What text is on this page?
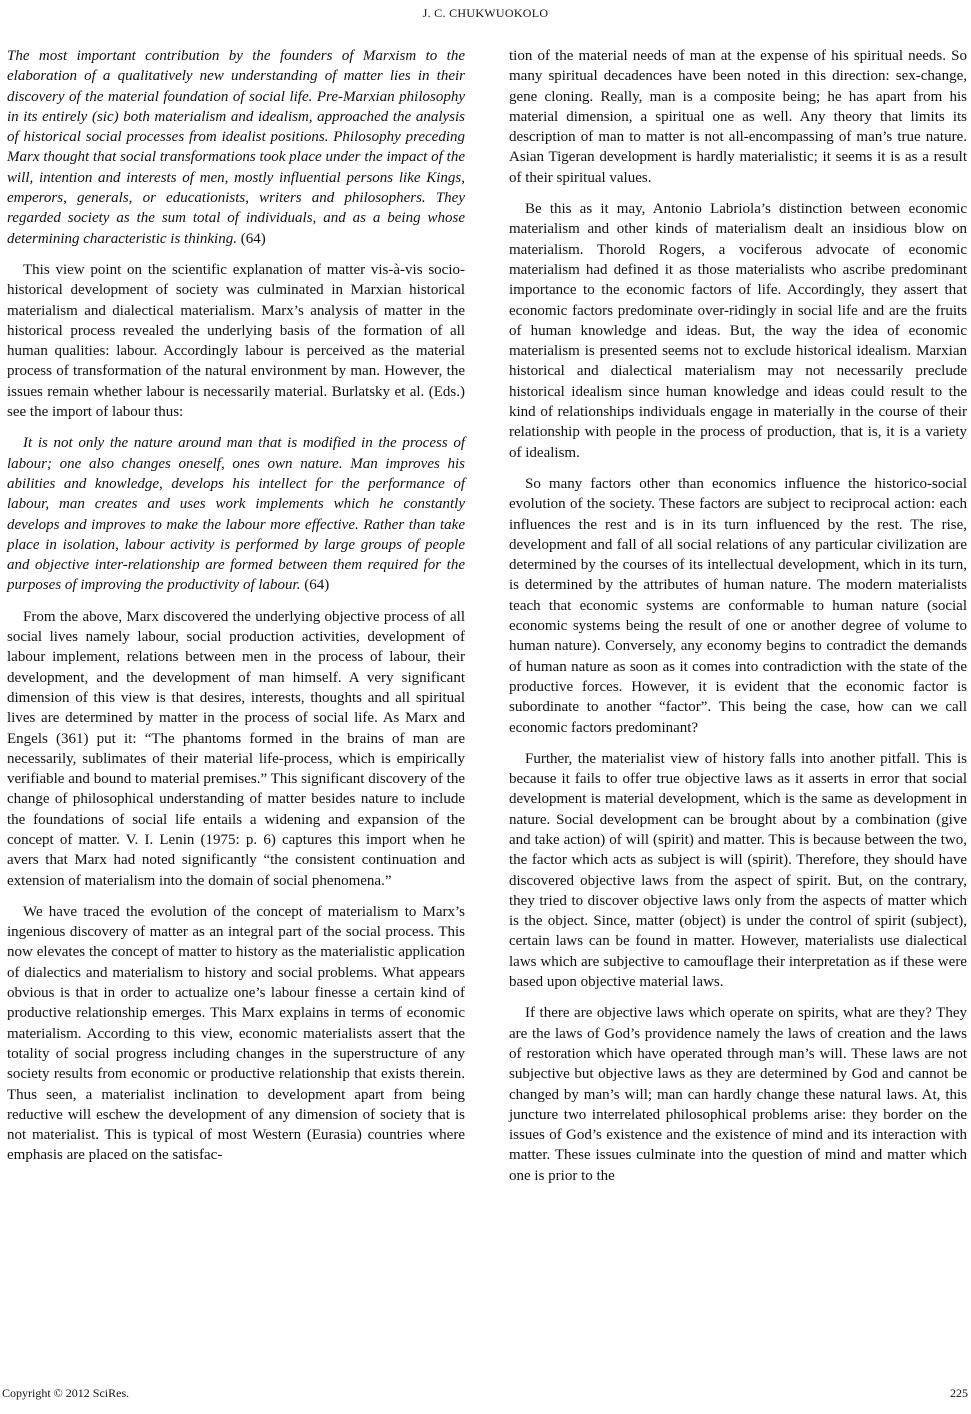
J. C. CHUKWUOKOLO

The most important contribution by the founders of Marxism to the elaboration of a qualitatively new understanding of matter lies in their discovery of the material foundation of social life. Pre-Marxian philosophy in its entirely (sic) both materialism and idealism, approached the analysis of historical social processes from idealist positions. Philosophy preceding Marx thought that social transformations took place under the impact of the will, intention and interests of men, mostly influential persons like Kings, emperors, generals, or educationists, writers and philosophers. They regarded society as the sum total of individuals, and as a being whose determining characteristic is thinking. (64)

This view point on the scientific explanation of matter vis-à-vis socio-historical development of society was culminated in Marxian historical materialism and dialectical materialism. Marx’s analysis of matter in the historical process revealed the underlying basis of the formation of all human qualities: labour. Accordingly labour is perceived as the material process of transformation of the natural environment by man. However, the issues remain whether labour is necessarily material. Burlatsky et al. (Eds.) see the import of labour thus:

It is not only the nature around man that is modified in the process of labour; one also changes oneself, ones own nature. Man improves his abilities and knowledge, develops his intellect for the performance of labour, man creates and uses work implements which he constantly develops and improves to make the labour more effective. Rather than take place in isolation, labour activity is performed by large groups of people and objective inter-relationship are formed between them required for the purposes of improving the productivity of labour. (64)

From the above, Marx discovered the underlying objective process of all social lives namely labour, social production activities, development of labour implement, relations between men in the process of labour, their development, and the development of man himself. A very significant dimension of this view is that desires, interests, thoughts and all spiritual lives are determined by matter in the process of social life. As Marx and Engels (361) put it: “The phantoms formed in the brains of man are necessarily, sublimates of their material life-process, which is empirically verifiable and bound to material premises.” This significant discovery of the change of philosophical understanding of matter besides nature to include the foundations of social life entails a widening and expansion of the concept of matter. V. I. Lenin (1975: p. 6) captures this import when he avers that Marx had noted significantly “the consistent continuation and extension of materialism into the domain of social phenomena.”

We have traced the evolution of the concept of materialism to Marx’s ingenious discovery of matter as an integral part of the social process. This now elevates the concept of matter to history as the materialistic application of dialectics and materialism to history and social problems. What appears obvious is that in order to actualize one’s labour finesse a certain kind of productive relationship emerges. This Marx explains in terms of economic materialism. According to this view, economic materialists assert that the totality of social progress including changes in the superstructure of any society results from economic or productive relationship that exists therein. Thus seen, a materialist inclination to development apart from being reductive will eschew the development of any dimension of society that is not materialist. This is typical of most Western (Eurasia) countries where emphasis are placed on the satisfac-

tion of the material needs of man at the expense of his spiritual needs. So many spiritual decadences have been noted in this direction: sex-change, gene cloning. Really, man is a composite being; he has apart from his material dimension, a spiritual one as well. Any theory that limits its description of man to matter is not all-encompassing of man’s true nature. Asian Tigeran development is hardly materialistic; it seems it is as a result of their spiritual values.

Be this as it may, Antonio Labriola’s distinction between economic materialism and other kinds of materialism dealt an insidious blow on materialism. Thorold Rogers, a vociferous advocate of economic materialism had defined it as those materialists who ascribe predominant importance to the economic factors of life. Accordingly, they assert that economic factors predominate over-ridingly in social life and are the fruits of human knowledge and ideas. But, the way the idea of economic materialism is presented seems not to exclude historical idealism. Marxian historical and dialectical materialism may not necessarily preclude historical idealism since human knowledge and ideas could result to the kind of relationships individuals engage in materially in the course of their relationship with people in the process of production, that is, it is a variety of idealism.

So many factors other than economics influence the historico-social evolution of the society. These factors are subject to reciprocal action: each influences the rest and is in its turn influenced by the rest. The rise, development and fall of all social relations of any particular civilization are determined by the courses of its intellectual development, which in its turn, is determined by the attributes of human nature. The modern materialists teach that economic systems are conformable to human nature (social economic systems being the result of one or another degree of volume to human nature). Conversely, any economy begins to contradict the demands of human nature as soon as it comes into contradiction with the state of the productive forces. However, it is evident that the economic factor is subordinate to another “factor”. This being the case, how can we call economic factors predominant?

Further, the materialist view of history falls into another pitfall. This is because it fails to offer true objective laws as it asserts in error that social development is material development, which is the same as development in nature. Social development can be brought about by a combination (give and take action) of will (spirit) and matter. This is because between the two, the factor which acts as subject is will (spirit). Therefore, they should have discovered objective laws from the aspect of spirit. But, on the contrary, they tried to discover objective laws only from the aspects of matter which is the object. Since, matter (object) is under the control of spirit (subject), certain laws can be found in matter. However, materialists use dialectical laws which are subjective to camouflage their interpretation as if these were based upon objective material laws.

If there are objective laws which operate on spirits, what are they? They are the laws of God’s providence namely the laws of creation and the laws of restoration which have operated through man’s will. These laws are not subjective but objective laws as they are determined by God and cannot be changed by man’s will; man can hardly change these natural laws. At, this juncture two interrelated philosophical problems arise: they border on the issues of God’s existence and the existence of mind and its interaction with matter. These issues culminate into the question of mind and matter which one is prior to the

Copyright © 2012 SciRes.	225
